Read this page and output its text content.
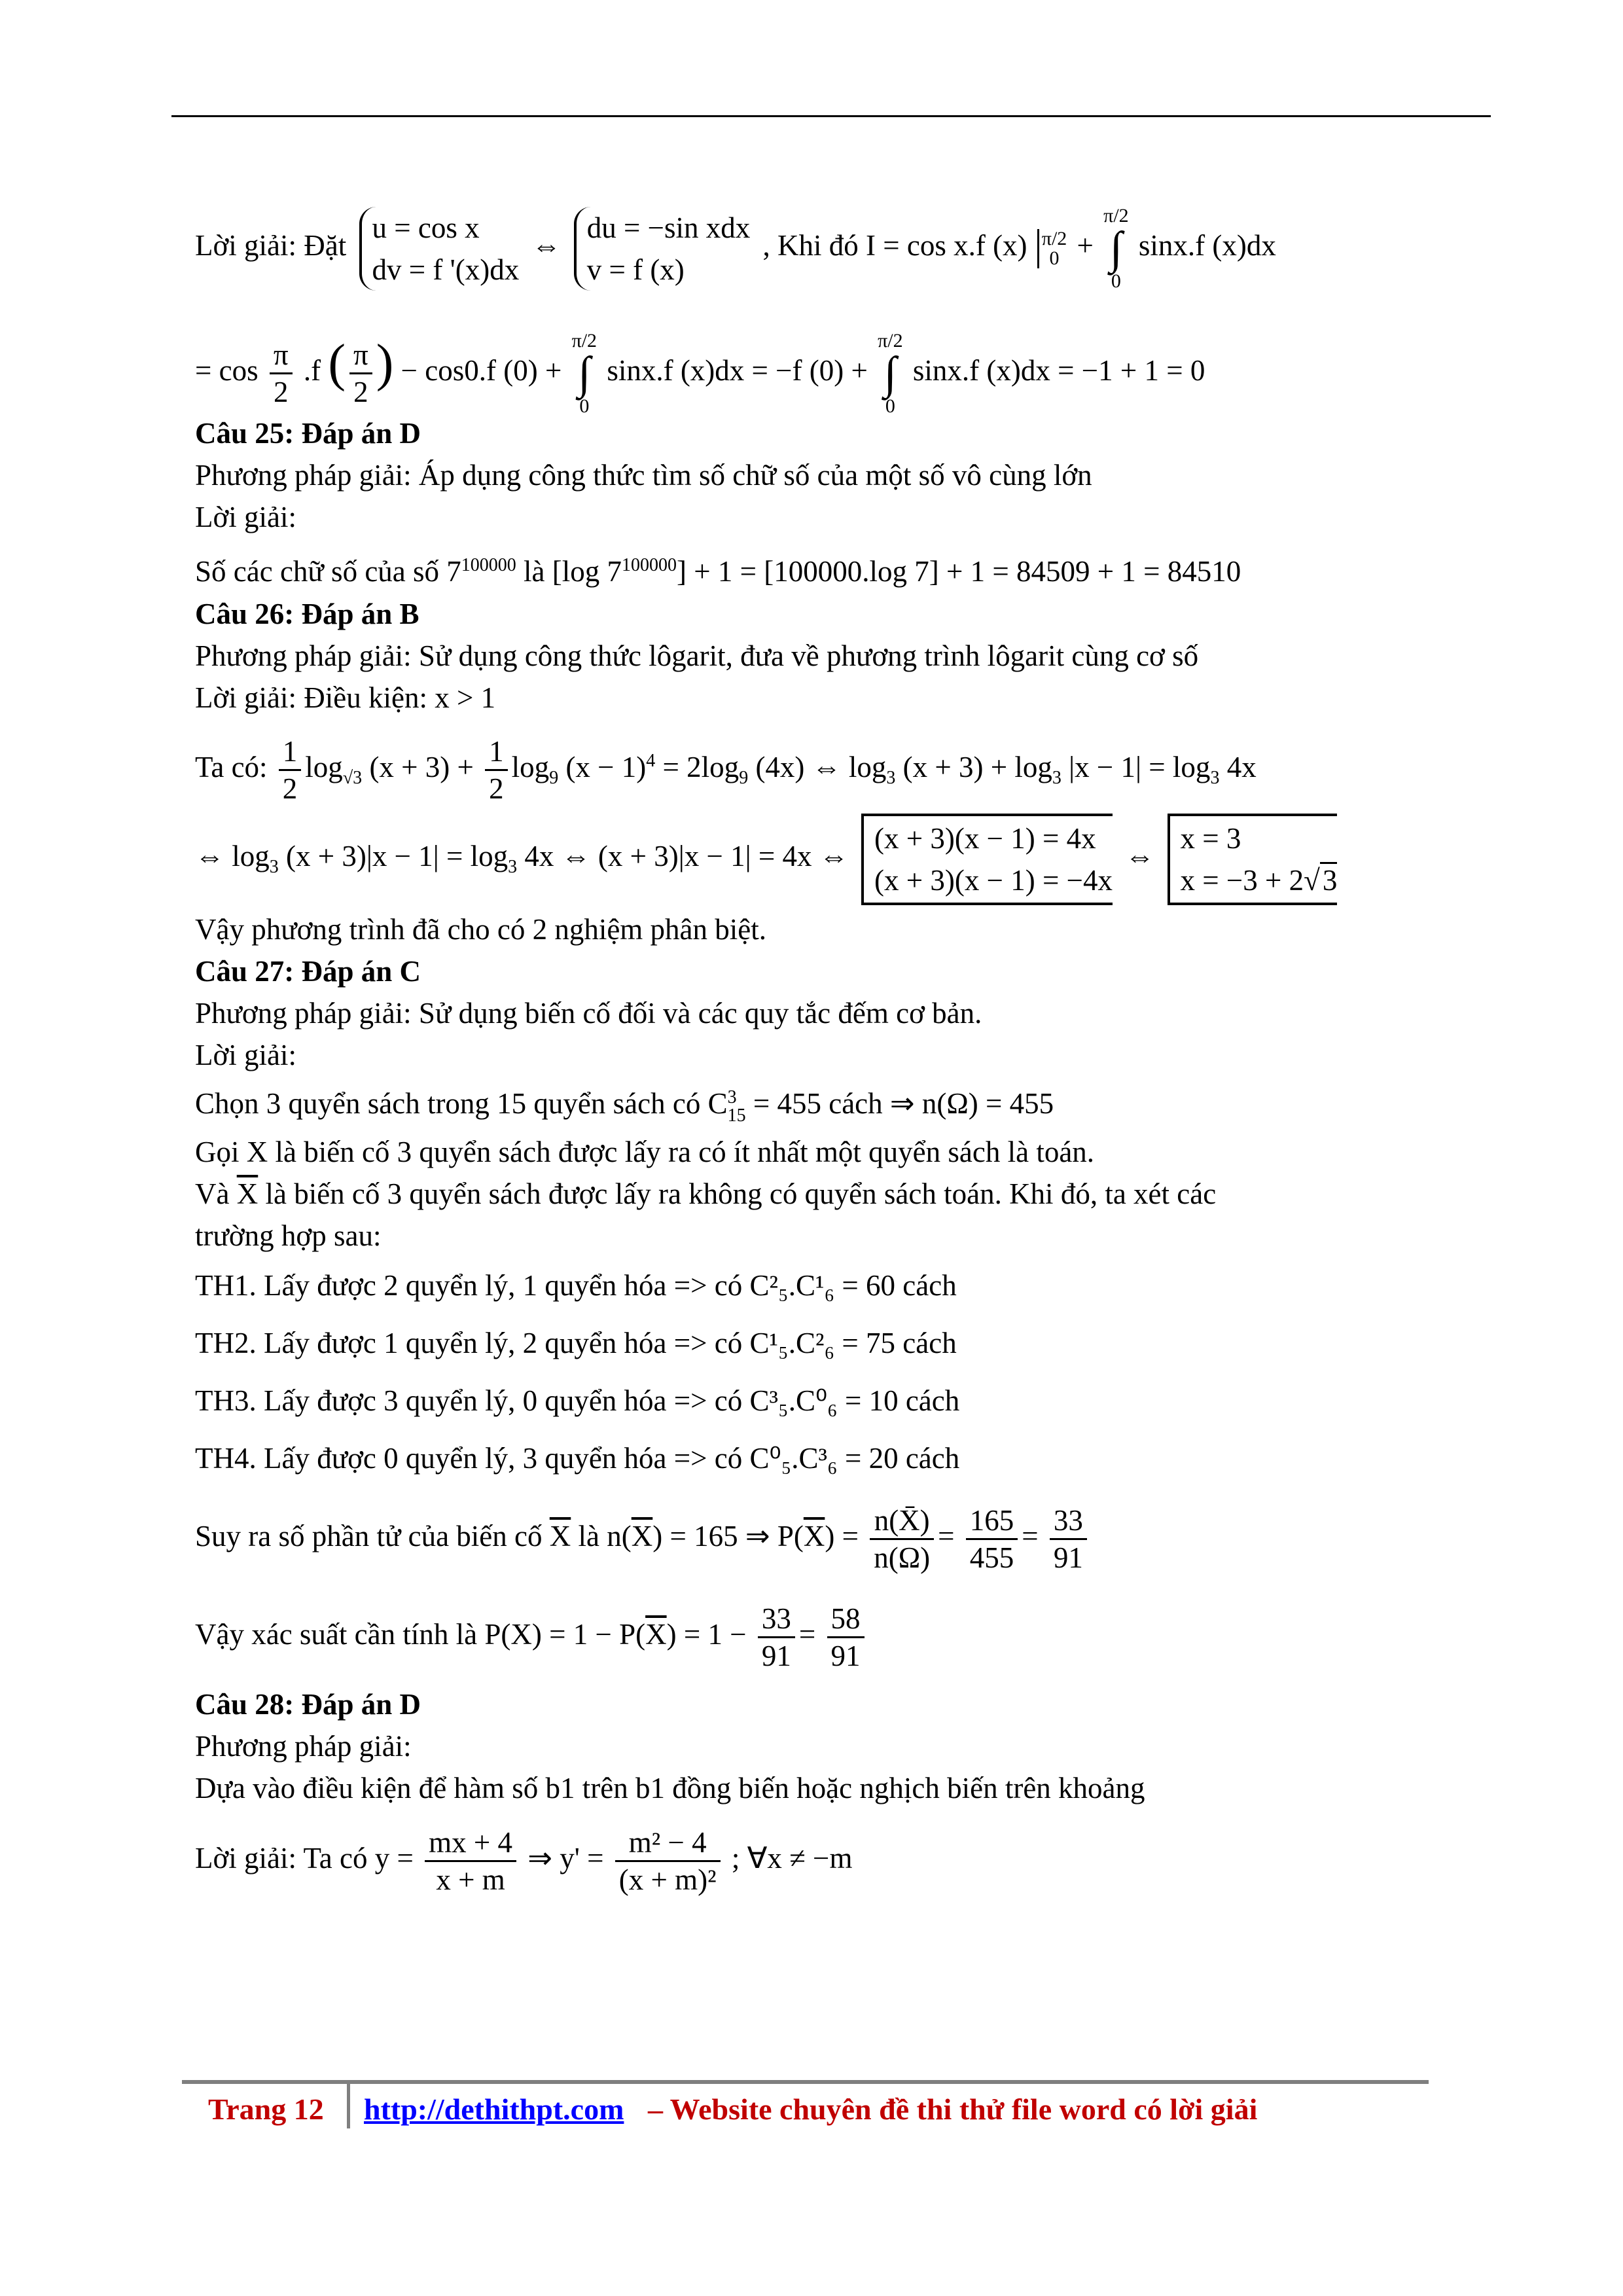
Lời giải: Đặt
u = cos x
dv = f '(x)dx
⇔
du = −sin xdx
v = f (x)
, Khi đó I = cos x.f (x) π/2
0 +
π/2
∫
0
sinx.f (x)dx
= $\cos \frac{\pi}{2} .f$ ( $\frac{\pi}{2}$ ) − cos0.f (0) +
π/2
∫
0
sinx.f (x)dx = −f (0) +
π/2
∫
0
sinx.f (x)dx = −1 + 1 = 0
Câu 25: Đáp án D
Phương pháp giải: Áp dụng công thức tìm số chữ số của một số vô cùng lớn
Lời giải:
Số các chữ số của số $7^{100000}$ là [log $7^{100000}] + 1 = [100000.\log$ 7] + 1 = 84509 + 1 = 84510
Câu 26: Đáp án B
Phương pháp giải: Sử dụng công thức lôgarit, đưa về phương trình lôgarit cùng cơ số
Lời giải: Điều kiện: x > 1
Ta có: $\frac{1}{2} \log_{√3} (x + 3) + \frac{1}{2} \log_9 (x - 1)^4 = 2\log_9$ (4x) ⇔ $\log_3 (x + 3) + \log_3 |x - 1| = \log_3 4x$
⇔ $\log_3 (x + 3)|x - 1| = \log_3 4x$ ⇔ (x + 3)|x − 1| = 4x ⇔
(x + 3)(x − 1) = 4x
(x + 3)(x − 1) = −4x
⇔
x = 3
x = −3 + 2√3
Vậy phương trình đã cho có 2 nghiệm phân biệt.
Câu 27: Đáp án C
Phương pháp giải: Sử dụng biến cố đối và các quy tắc đếm cơ bản.
Lời giải:
Chọn 3 quyển sách trong 15 quyển sách có C 3
15 = 455 cách ⇒ n(Ω) = 455
Gọi X là biến cố 3 quyển sách được lấy ra có ít nhất một quyển sách là toán.
Và $\overline{X}$ là biến cố 3 quyển sách được lấy ra không có quyển sách toán. Khi đó, ta xét các
trường hợp sau:
TH1. Lấy được 2 quyển lý, 1 quyển hóa => có C²₅.C¹₆ = 60 cách
TH2. Lấy được 1 quyển lý, 2 quyển hóa => có C¹₅.C²₆ = 75 cách
TH3. Lấy được 3 quyển lý, 0 quyển hóa => có C³₅.C⁰₆ = 10 cách
TH4. Lấy được 0 quyển lý, 3 quyển hóa => có C⁰₅.C³₆ = 20 cách
Suy ra số phần tử của biến cố $\overline{X}$ là $n(\overline{X}) = 165$ ⇒ $P(\overline{X}) = \frac{n(X̄)}{n(\Omega)} = \frac{165}{455} = \frac{33}{91}$
Vậy xác suất cần tính là $P(X) = 1 - P(\overline{X}) = 1 - \frac{33}{91} = \frac{58}{91}$
Câu 28: Đáp án D
Phương pháp giải:
Dựa vào điều kiện để hàm số b1 trên b1 đồng biến hoặc nghịch biến trên khoảng
Lời giải: Ta có $y = \frac{mx + 4}{x + m}$ ⇒ $y' = \frac{\text{m² − 4}}{\text{(x + m)²}}$ ; ∀x ≠ −m
Trang 12 http://dethithpt.com – Website chuyên đề thi thử file word có lời giải
